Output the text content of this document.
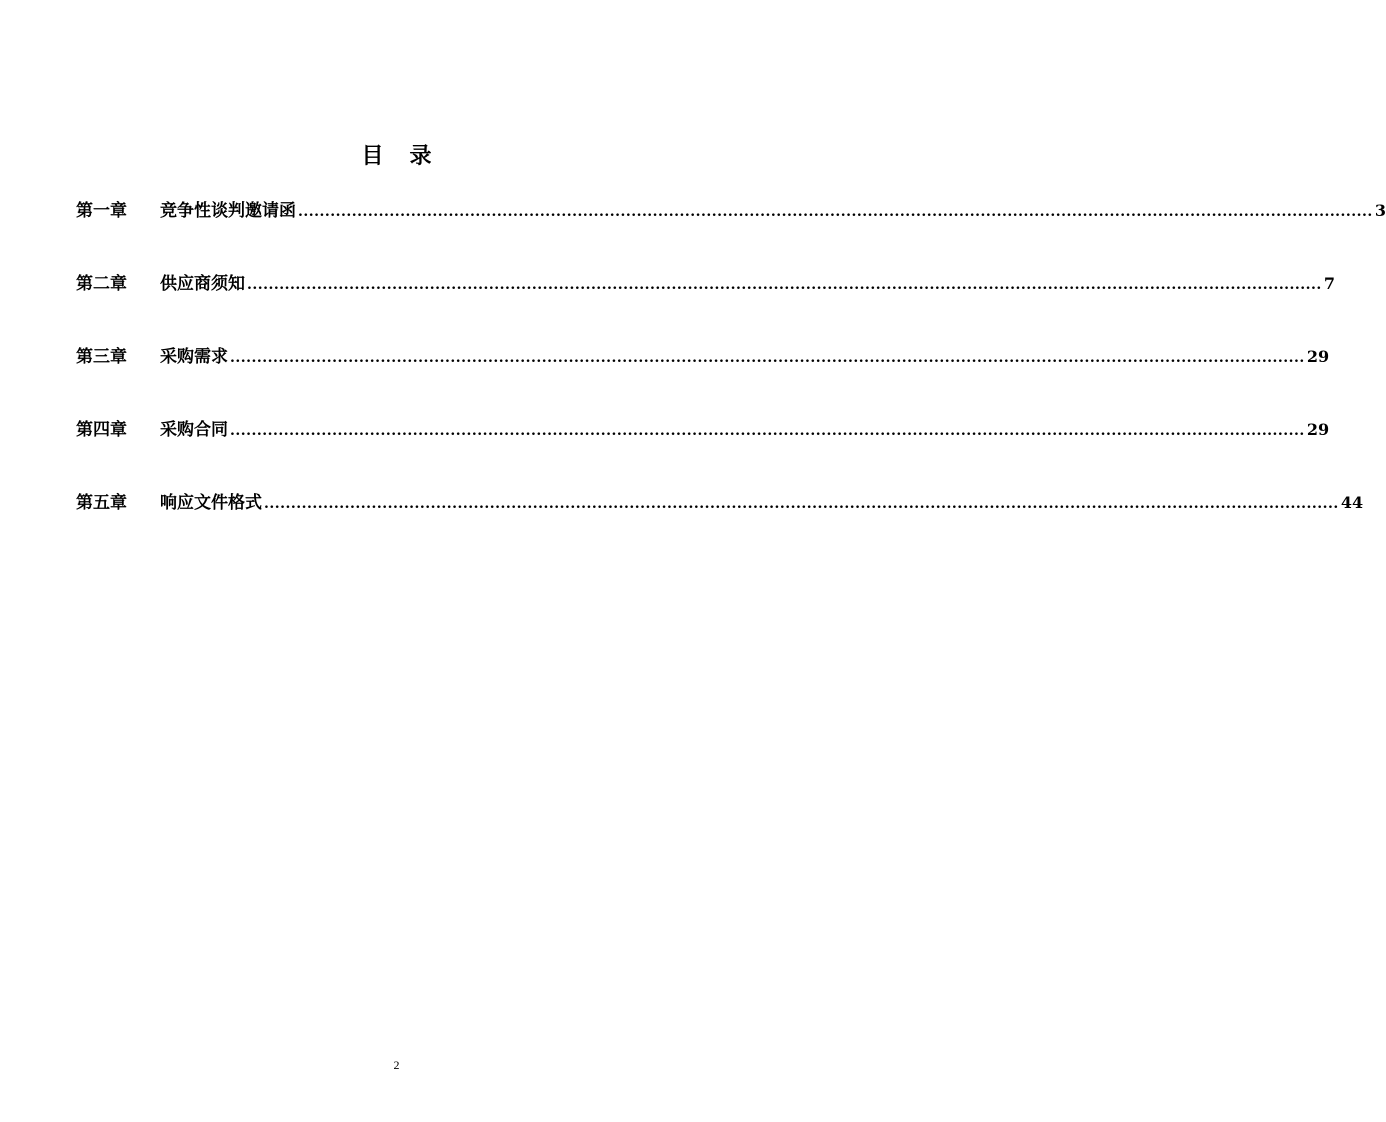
目录
第一章	竞争性谈判邀请函 ........................................................................................................................................................................................................ 3
第二章	供应商须知 ........................................................................................................................................................................................................ 7
第三章	采购需求 ........................................................................................................................................................................................................ 29
第四章	采购合同 ........................................................................................................................................................................................................ 29
第五章	响应文件格式 ........................................................................................................................................................................................................ 44
2
